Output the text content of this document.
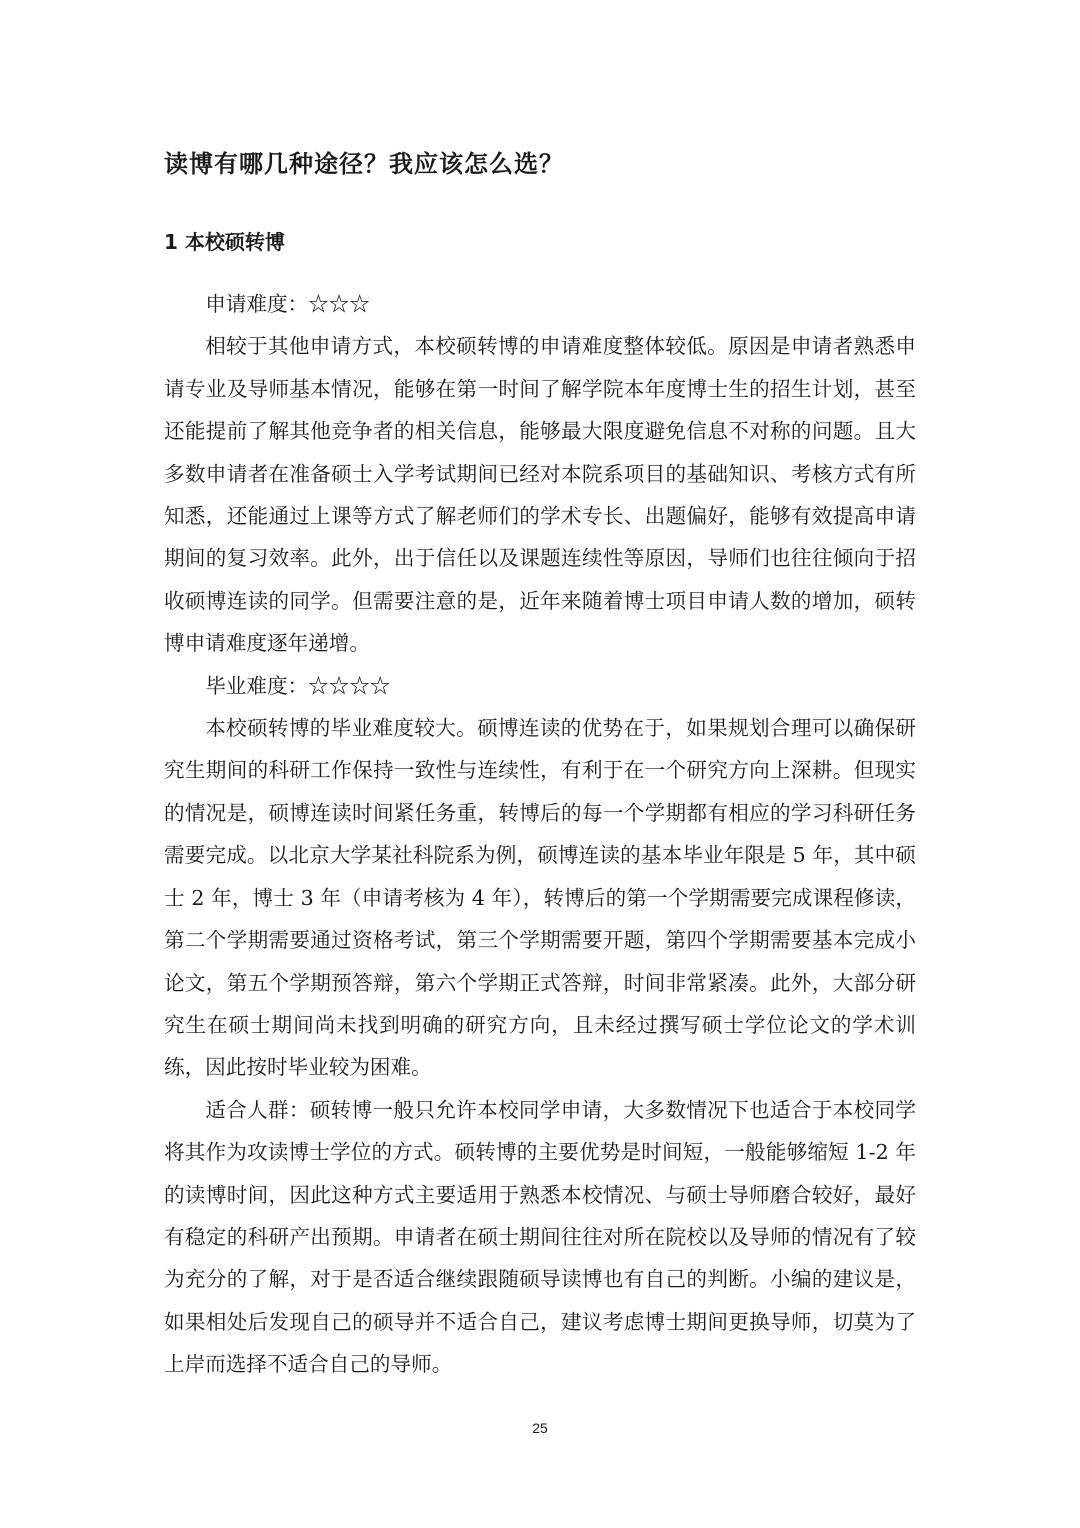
读博有哪几种途径？我应该怎么选？
1 本校硕转博

申请难度：☆☆☆

相较于其他申请方式，本校硕转博的申请难度整体较低。原因是申请者熟悉申请专业及导师基本情况，能够在第一时间了解学院本年度博士生的招生计划，甚至还能提前了解其他竞争者的相关信息，能够最大限度避免信息不对称的问题。且大多数申请者在准备硕士入学考试期间已经对本院系项目的基础知识、考核方式有所知悉，还能通过上课等方式了解老师们的学术专长、出题偏好，能够有效提高申请期间的复习效率。此外，出于信任以及课题连续性等原因，导师们也往往倾向于招收硕博连读的同学。但需要注意的是，近年来随着博士项目申请人数的增加，硕转博申请难度逐年递增。

毕业难度：☆☆☆☆

本校硕转博的毕业难度较大。硕博连读的优势在于，如果规划合理可以确保研究生期间的科研工作保持一致性与连续性，有利于在一个研究方向上深耕。但现实的情况是，硕博连读时间紧任务重，转博后的每一个学期都有相应的学习科研任务需要完成。以北京大学某社科院系为例，硕博连读的基本毕业年限是 5 年，其中硕士 2 年，博士 3 年（申请考核为 4 年），转博后的第一个学期需要完成课程修读，第二个学期需要通过资格考试，第三个学期需要开题，第四个学期需要基本完成小论文，第五个学期预答辩，第六个学期正式答辩，时间非常紧凑。此外，大部分研究生在硕士期间尚未找到明确的研究方向，且未经过撰写硕士学位论文的学术训练，因此按时毕业较为困难。

适合人群：硕转博一般只允许本校同学申请，大多数情况下也适合于本校同学将其作为攻读博士学位的方式。硕转博的主要优势是时间短，一般能够缩短 1-2 年的读博时间，因此这种方式主要适用于熟悉本校情况、与硕士导师磨合较好，最好有稳定的科研产出预期。申请者在硕士期间往往对所在院校以及导师的情况有了较为充分的了解，对于是否适合继续跟随硕导读博也有自己的判断。小编的建议是，如果相处后发现自己的硕导并不适合自己，建议考虑博士期间更换导师，切莫为了上岸而选择不适合自己的导师。

25
